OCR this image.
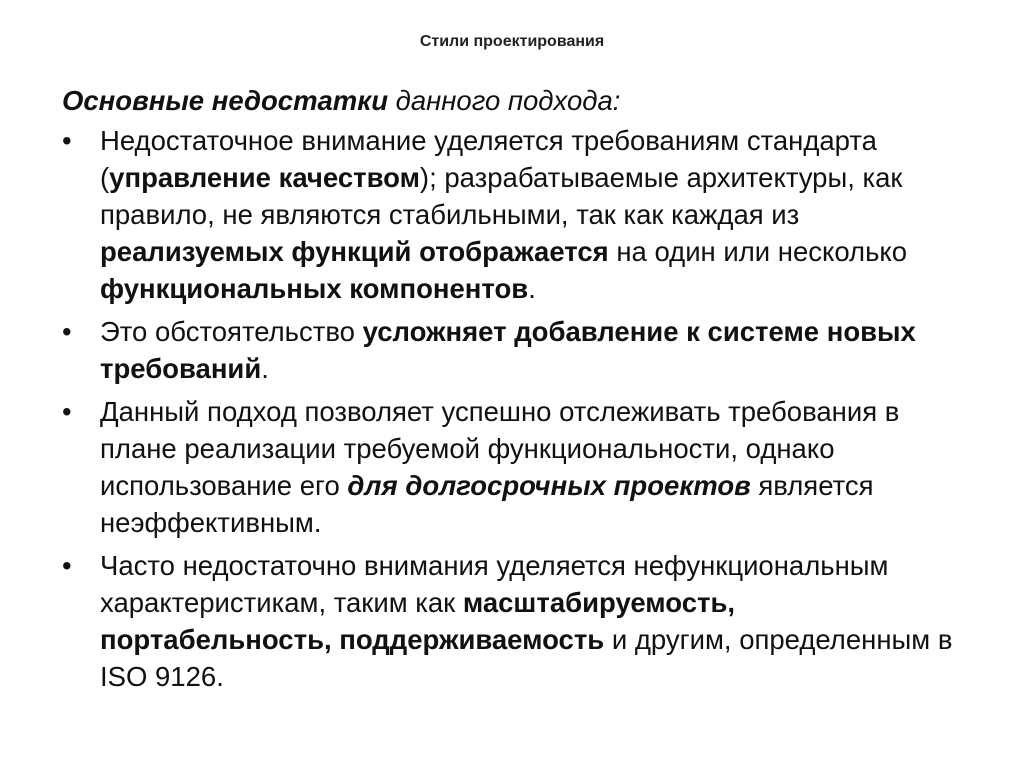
Стили проектирования

Основные недостатки данного подхода:

•	Недостаточное внимание уделяется требованиям стандарта (управление качеством); разрабатываемые архитектуры, как правило, не являются стабильными, так как каждая из реализуемых функций отображается на один или несколько функциональных компонентов.
•	Это обстоятельство усложняет добавление к системе новых требований.
•	Данный подход позволяет успешно отслеживать требования в плане реализации требуемой функциональности, однако использование его для долгосрочных проектов является неэффективным.
•	Часто недостаточно внимания уделяется нефункциональным характеристикам, таким как масштабируемость, портабельность, поддерживаемость и другим, определенным в ISO 9126.
